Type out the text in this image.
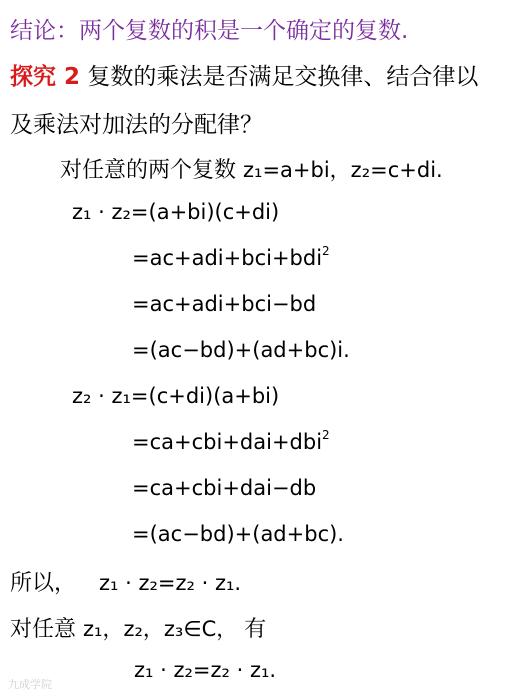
结论：两个复数的积是一个确定的复数.
探究 2 复数的乘法是否满足交换律、结合律以
及乘法对加法的分配律？
对任意的两个复数 z₁=a+bi，z₂=c+di.
z₁ · z₂=(a+bi)(c+di)
=ac+adi+bci+bdi$^2$
=ac+adi+bci−bd
=(ac−bd)+(ad+bc)i.
z₂ · z₁=(c+di)(a+bi)
=ca+cbi+dai+dbi$^2$
=ca+cbi+dai−db
=(ac−bd)+(ad+bc).
所以， z₁ · z₂=z₂ · z₁.
对任意 z₁，z₂，z₃∈C， 有
z₁ · z₂=z₂ · z₁.
九成学院
